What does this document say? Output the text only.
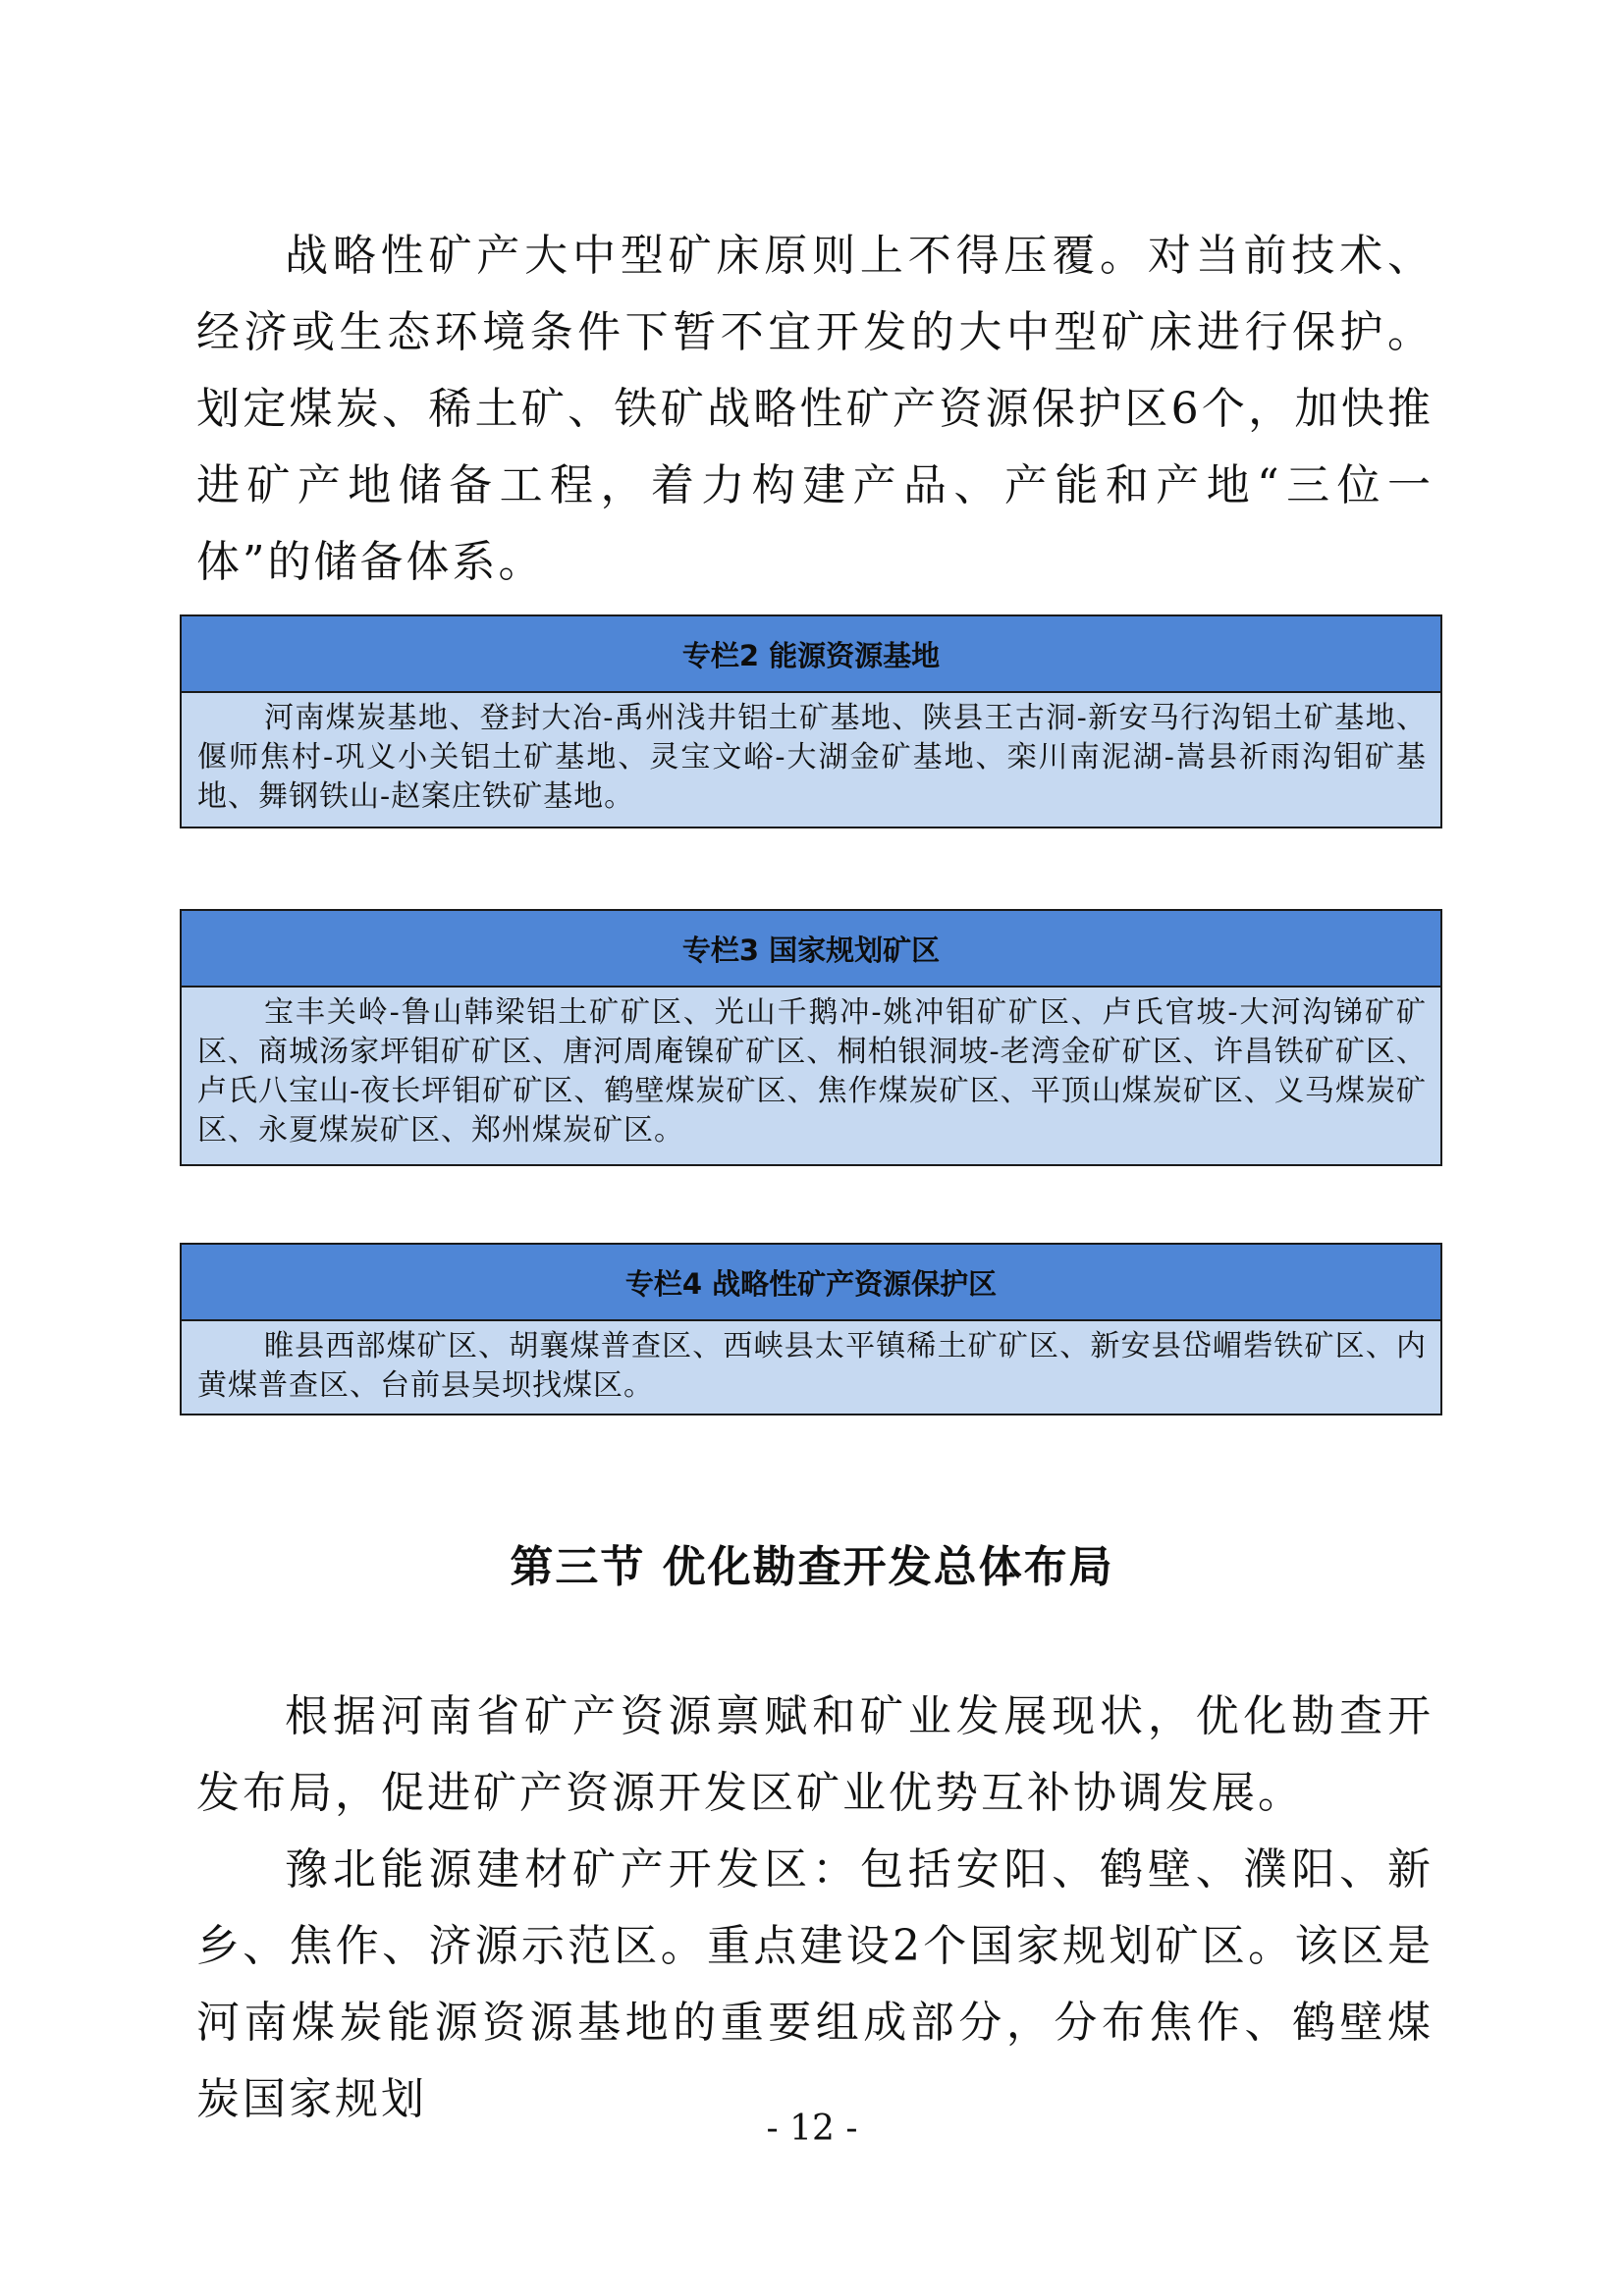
战略性矿产大中型矿床原则上不得压覆。对当前技术、经济或生态环境条件下暂不宜开发的大中型矿床进行保护。划定煤炭、稀土矿、铁矿战略性矿产资源保护区6个，加快推进矿产地储备工程，着力构建产品、产能和产地“三位一体”的储备体系。

专栏2 能源资源基地

河南煤炭基地、登封大冶-禹州浅井铝土矿基地、陕县王古洞-新安马行沟铝土矿基地、偃师焦村-巩义小关铝土矿基地、灵宝文峪-大湖金矿基地、栾川南泥湖-嵩县祈雨沟钼矿基地、舞钢铁山-赵案庄铁矿基地。

专栏3 国家规划矿区

宝丰关岭-鲁山韩梁铝土矿矿区、光山千鹅冲-姚冲钼矿矿区、卢氏官坡-大河沟锑矿矿区、商城汤家坪钼矿矿区、唐河周庵镍矿矿区、桐柏银洞坡-老湾金矿矿区、许昌铁矿矿区、卢氏八宝山-夜长坪钼矿矿区、鹤壁煤炭矿区、焦作煤炭矿区、平顶山煤炭矿区、义马煤炭矿区、永夏煤炭矿区、郑州煤炭矿区。

专栏4 战略性矿产资源保护区

睢县西部煤矿区、胡襄煤普查区、西峡县太平镇稀土矿矿区、新安县岱嵋砦铁矿区、内黄煤普查区、台前县吴坝找煤区。

第三节 优化勘查开发总体布局

根据河南省矿产资源禀赋和矿业发展现状，优化勘查开发布局，促进矿产资源开发区矿业优势互补协调发展。

豫北能源建材矿产开发区：包括安阳、鹤壁、濮阳、新乡、焦作、济源示范区。重点建设2个国家规划矿区。该区是河南煤炭能源资源基地的重要组成部分，分布焦作、鹤壁煤炭国家规划

- 12 -
